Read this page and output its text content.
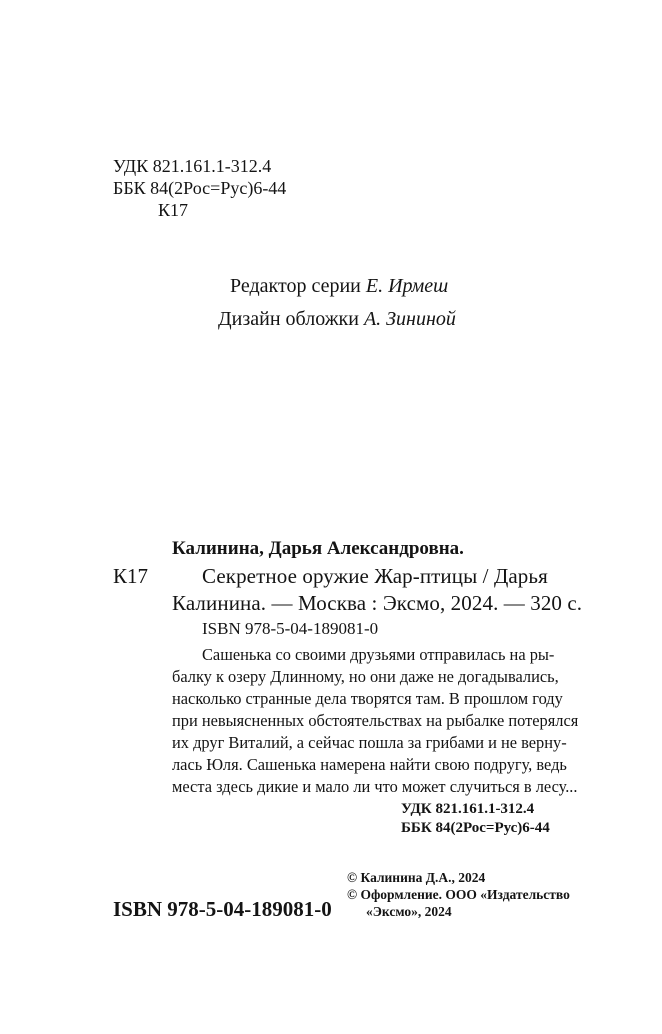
УДК 821.161.1-312.4
ББК 84(2Рос=Рус)6-44
К17
Редактор серии Е. Ирмеш
Дизайн обложки А. Зининой
Калинина, Дарья Александровна.
К17	Секретное оружие Жар-птицы / Дарья
Калинина. — Москва : Эксмо, 2024. — 320 с.
ISBN 978-5-04-189081-0
Сашенька со своими друзьями отправилась на ры-
балку к озеру Длинному, но они даже не догадывались,
насколько странные дела творятся там. В прошлом году
при невыясненных обстоятельствах на рыбалке потерялся
их друг Виталий, а сейчас пошла за грибами и не верну-
лась Юля. Сашенька намерена найти свою подругу, ведь
места здесь дикие и мало ли что может случиться в лесу...
УДК 821.161.1-312.4
ББК 84(2Рос=Рус)6-44
© Калинина Д.А., 2024
© Оформление. ООО «Издательство
«Эксмо», 2024
ISBN 978-5-04-189081-0
